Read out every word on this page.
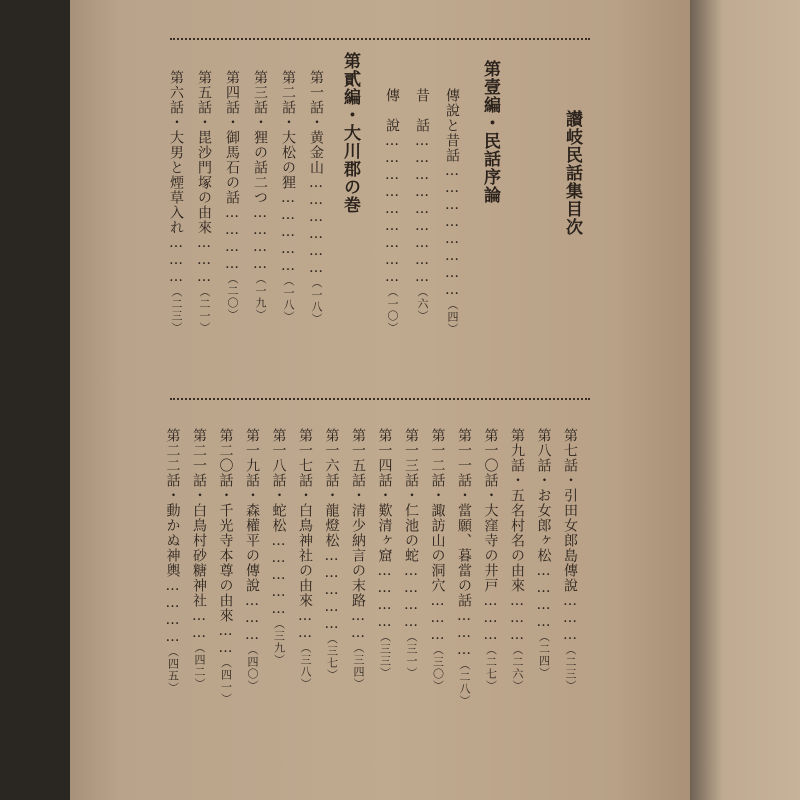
讃岐民話集目次
第壹編・民話序論
傳說と昔話……………………（四）
昔　話………………………（六）
傳　說………………………（一〇）
第貳編・大川郡の巻
第一話・黄金山………………（一八）
第二話・大松の狸……………（一八）
第三話・狸の話二つ…………（一九）
第四話・御馬石の話…………（二〇）
第五話・毘沙門塚の由來………（二一）
第六話・大男と煙草入れ………（二三）
第七話・引田女郎島傳說………（二三）
第八話・お女郎ヶ松…………（二四）
第九話・五名村名の由來………（二六）
第一〇話・大窪寺の井戸………（二七）
第一一話・當願、暮當の話………（二八）
第一二話・諏訪山の洞穴………（三〇）
第一三話・仁池の蛇…………（三一）
第一四話・歎清ヶ窟…………（三三）
第一五話・清少納言の末路……（三四）
第一六話・龍燈松……………（三七）
第一七話・白鳥神社の由來……（三八）
第一八話・蛇松……………（三九）
第一九話・森權平の傳說………（四〇）
第二〇話・千光寺本尊の由來……（四一）
第二一話・白鳥村砂糖神社……（四二）
第二二話・動かぬ神輿…………（四五）
